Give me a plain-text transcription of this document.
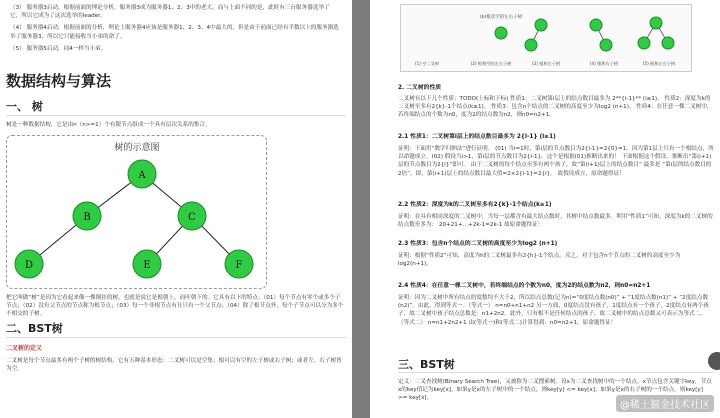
（3） 服务器3启动，根据前面的理论分析，服务器3成为服务器1、2、3中的老大，而与上面不同的是，此时有三台服务器选举了它，所以它成为了这次选举的leader。

（4） 服务器4启动，根据前面的分析，理论上服务器4应该是服务器1、2、3、4中最大的，但是由于前面已经有半数以上的服务器选举了服务器3，所以它只能接收当小弟的命了。

（5） 服务器5启动，同4一样当小弟。

数据结构与算法
一、 树
树是一种数据结构，它是由n（n>=1）个有限节点组成一个具有层次关系的集合。
树的示意图
A
B	C
D	E	F
把它叫做“树”是因为它看起来像一棵倒挂的树，也就是说它是根朝上，而叶朝下的。它具有以下的特点：（01）每个节点有零个或多个子节点；（02）没有父节点的节点称为根节点；（03）每一个非根节点有且只有一个父节点；（04）除了根节点外，每个子节点可以分为多个不相交的子树。
二、BST树
二叉树的定义
二叉树是每个节点最多有两个子树的树结构。它有五种基本形态：二叉树可以是空集；根可以有空的左子树或右子树；或者左、右子树皆为空。
(b)根及空的左右子树
(1) 空二叉树	(2) 根和空的左右子树	(3) 根和左子树	(4) 根和右子树	(5) 根和左右子树
2. 二叉树的性质
二叉树有以下几个性质：TODO(上标和下标) 性质1：二叉树第i层上的结点数目最多为 2**{i-1}** (i≥1)。 性质2：深度为k的二叉树至多有2{k}-1个结点(k≥1)。 性质3：包含n个结点的二叉树的高度至少为log2 (n+1)。 性质4：在任意一棵二叉树中，若终端结点的个数为n0，度为2的结点数为n2，则n0=n2+1。
2.1 性质1：二叉树第i层上的结点数目最多为 2{i-1} (i≥1)
证明：下面用“数学归纳法”进行证明。 (01) 当i=1时，第i层的节点数目为2{i-1}=2{0}=1。因为第1层上只有一个根结点，所以命题成立。(02) 假设当i>1，第i层的节点数目为2{i-1}。这个是根据(01)推断出来的！ 下面根据这个假设，推断出“第(i+1)层的节点数目为2{i}”即可。 由于二叉树的每个结点至多有两个孩子，故“第(i+1)层上的结点数目” 最多是 “第i层的结点数目的2倍”。即，第(i+1)层上的结点数目最大值=2×2{i-1}=2{i}。 故假设成立，原命题得证！
2.2 性质2：深度为k的二叉树至多有2{k}-1个结点(k≥1)
证明：在具有相同深度的二叉树中，当每一层都含有最大结点数时，其树中结点数最多。利用“性质1”可知，深度为k的二叉树的结点数至多为： 20+21+…+2k-1=2k-1 故原命题得证！
2.3 性质3：包含n个结点的二叉树的高度至少为log2 (n+1)
证明：根据“性质2”可知，高度为h的二叉树最多有2{h}-1个结点。反之，对于包含n个节点的二叉树的高度至少为log2(n+1)。
2.4 性质4：在任意一棵二叉树中，若终端结点的个数为n0，度为2的结点数为n2，则n0=n2+1
证明：因为二叉树中所有结点的度数均不大于2，所以结点总数(记为n)=“0度结点数(n0)” + “1度结点数(n1)” + “2度结点数(n2)”。由此，得到等式一。（等式一） n=n0+n1+n2 另一方面，0度结点没有孩子，1度结点有一个孩子，2度结点有两个孩子，故二叉树中孩子结点总数是：n1+2n2。此外，只有根不是任何结点的孩子。故二叉树中的结点总数又可表示为等式二。（等式二） n=n1+2n2+1 由(等式一)和(等式二)计算得到：n0=n2+1。原命题得证！
三、BST树
定义：二叉查找树(Binary Search Tree)，又被称为二叉搜索树。设x为二叉查找树中的一个结点，x节点包含关键字key，节点x的key值记为key[x]。如果y是x的左子树中的一个结点，则key[y] <= key[x]；如果y是x的右子树的一个结点，则key[y] >= key[x]。
@稀土掘金技术社区
